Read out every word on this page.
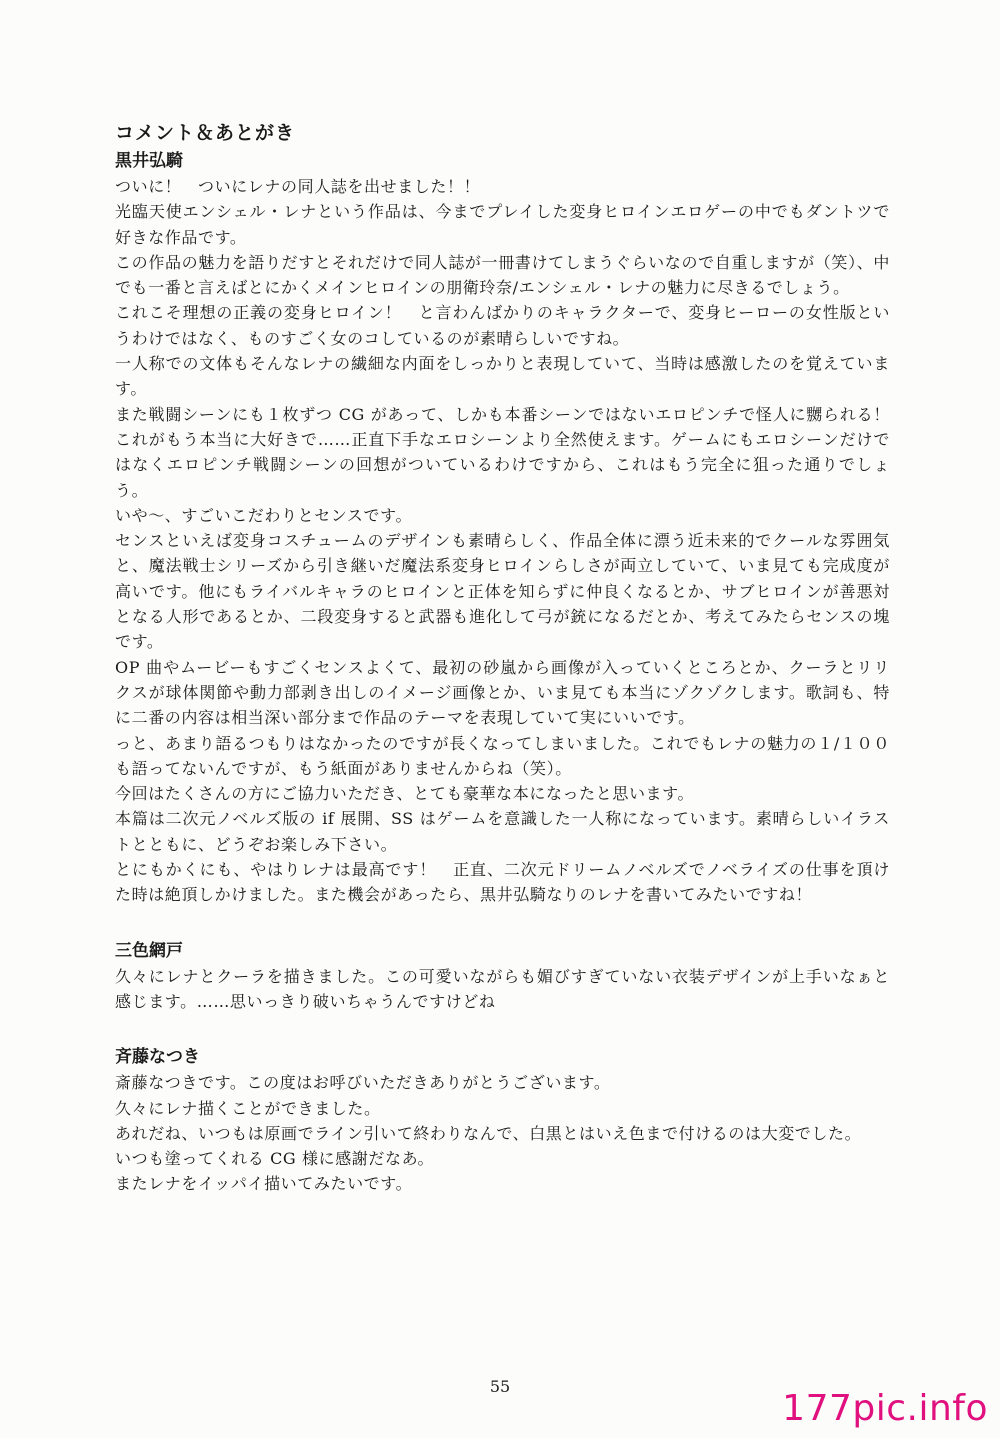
コメント＆あとがき
黒井弘騎

ついに！　ついにレナの同人誌を出せました！！

光臨天使エンシェル・レナという作品は、今までプレイした変身ヒロインエロゲーの中でもダントツで好きな作品です。

この作品の魅力を語りだすとそれだけで同人誌が一冊書けてしまうぐらいなので自重しますが（笑）、中でも一番と言えばとにかくメインヒロインの朋衛玲奈/エンシェル・レナの魅力に尽きるでしょう。

これこそ理想の正義の変身ヒロイン！　と言わんばかりのキャラクターで、変身ヒーローの女性版というわけではなく、ものすごく女のコしているのが素晴らしいですね。

一人称での文体もそんなレナの繊細な内面をしっかりと表現していて、当時は感激したのを覚えています。

また戦闘シーンにも１枚ずつ CG があって、しかも本番シーンではないエロピンチで怪人に嬲られる！　これがもう本当に大好きで……正直下手なエロシーンより全然使えます。ゲームにもエロシーンだけではなくエロピンチ戦闘シーンの回想がついているわけですから、これはもう完全に狙った通りでしょう。

いや〜、すごいこだわりとセンスです。

センスといえば変身コスチュームのデザインも素晴らしく、作品全体に漂う近未来的でクールな雰囲気と、魔法戦士シリーズから引き継いだ魔法系変身ヒロインらしさが両立していて、いま見ても完成度が高いです。他にもライバルキャラのヒロインと正体を知らずに仲良くなるとか、サブヒロインが善悪対となる人形であるとか、二段変身すると武器も進化して弓が銃になるだとか、考えてみたらセンスの塊です。

OP 曲やムービーもすごくセンスよくて、最初の砂嵐から画像が入っていくところとか、クーラとリリクスが球体関節や動力部剥き出しのイメージ画像とか、いま見ても本当にゾクゾクします。歌詞も、特に二番の内容は相当深い部分まで作品のテーマを表現していて実にいいです。

っと、あまり語るつもりはなかったのですが長くなってしまいました。これでもレナの魅力の１/１００も語ってないんですが、もう紙面がありませんからね（笑）。

今回はたくさんの方にご協力いただき、とても豪華な本になったと思います。

本篇は二次元ノベルズ版の if 展開、SS はゲームを意識した一人称になっています。素晴らしいイラストとともに、どうぞお楽しみ下さい。

とにもかくにも、やはりレナは最高です！　正直、二次元ドリームノベルズでノベライズの仕事を頂けた時は絶頂しかけました。また機会があったら、黒井弘騎なりのレナを書いてみたいですね！

三色網戸

久々にレナとクーラを描きました。この可愛いながらも媚びすぎていない衣装デザインが上手いなぁと感じます。……思いっきり破いちゃうんですけどね

斉藤なつき

斎藤なつきです。この度はお呼びいただきありがとうございます。

久々にレナ描くことができました。

あれだね、いつもは原画でライン引いて終わりなんで、白黒とはいえ色まで付けるのは大変でした。

いつも塗ってくれる CG 様に感謝だなあ。

またレナをイッパイ描いてみたいです。

55
177pic.info
